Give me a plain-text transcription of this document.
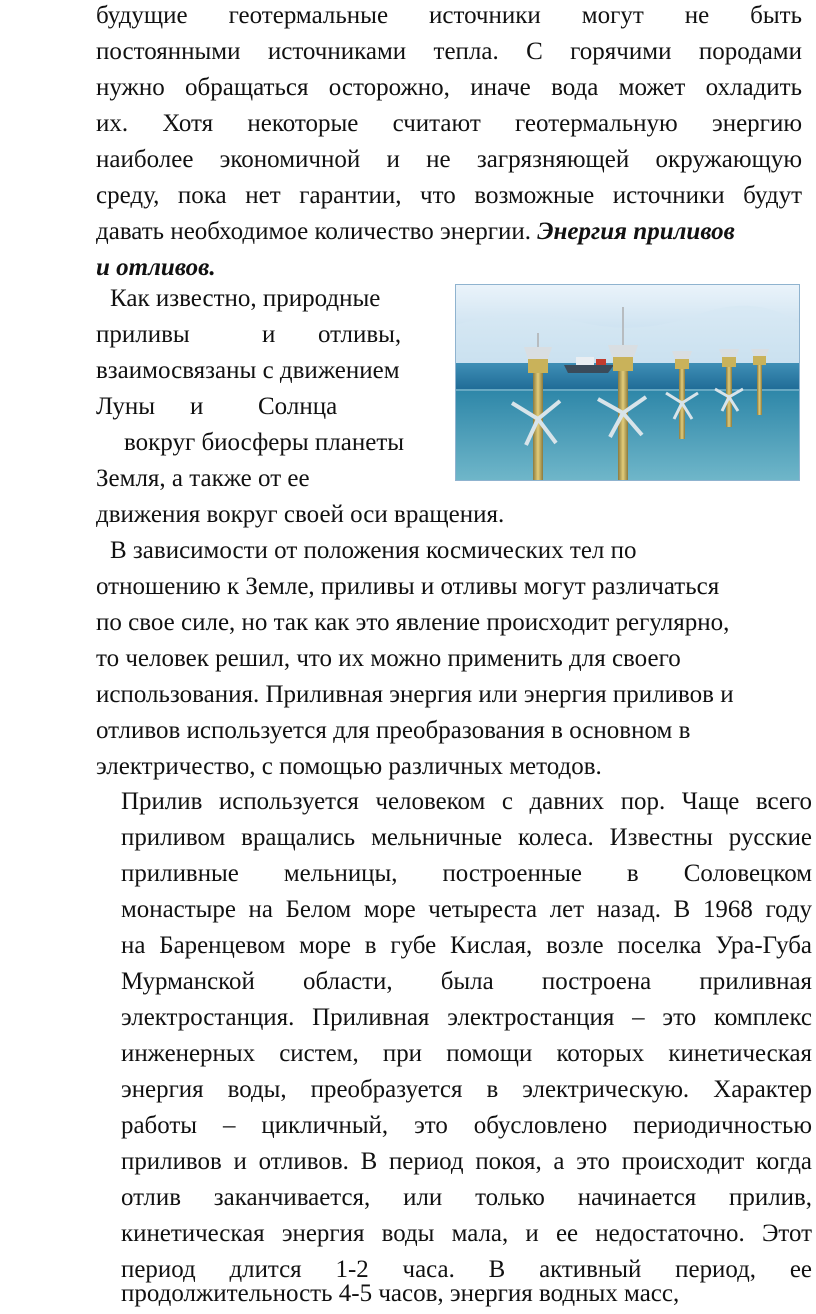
будущие геотермальные источники могут не быть
постоянными источниками тепла. С горячими породами
нужно обращаться осторожно, иначе вода может охладить
их. Хотя некоторые считают геотермальную энергию
наиболее экономичной и не загрязняющей окружающую
среду, пока нет гарантии, что возможные источники будут
давать необходимое количество энергии. Энергия приливов
и отливов.
Как известно, природные
приливы	и отливы,
взаимосвязаны с движением
Луны и Солнца
вокруг биосферы планеты
Земля, а также от ее
движения вокруг своей оси вращения.
В зависимости от положения космических тел по
отношению к Земле, приливы и отливы могут различаться
по свое силе, но так как это явление происходит регулярно,
то человек решил, что их можно применить для своего
использования. Приливная энергия или энергия приливов и
отливов используется для преобразования в основном в
электричество, с помощью различных методов.
Прилив используется человеком с давних пор. Чаще всего
приливом вращались мельничные колеса. Известны русские
приливные мельницы, построенные в Соловецком
монастыре на Белом море четыреста лет назад. В 1968 году
на Баренцевом море в губе Кислая, возле поселка Ура-Губа
Мурманской области, была построена приливная
электростанция. Приливная электростанция – это комплекс
инженерных систем, при помощи которых кинетическая
энергия воды, преобразуется в электрическую. Характер
работы – цикличный, это обусловлено периодичностью
приливов и отливов. В период покоя, а это происходит когда
отлив заканчивается, или только начинается прилив,
кинетическая энергия воды мала, и ее недостаточно. Этот
период длится 1-2 часа. В активный период, ее
продолжительность 4-5 часов, энергия водных масс,
